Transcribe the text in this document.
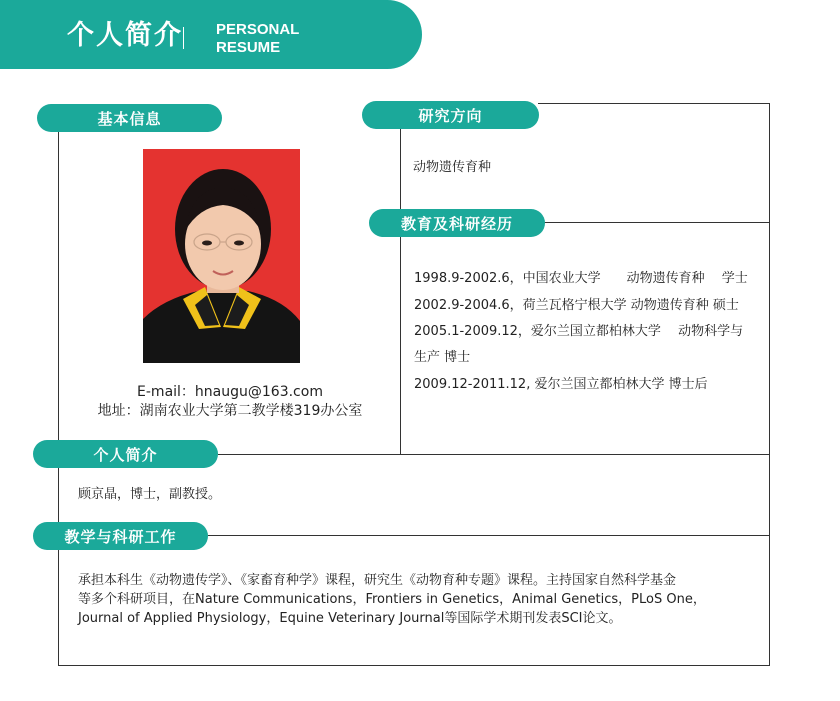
个人简介 PERSONAL
RESUME
基本信息	研究方向
教育及科研经历
个人简介
教学与科研工作
E-mail：hnaugu@163.com
地址：湖南农业大学第二教学楼319办公室
动物遗传育种
1998.9-2002.6，中国农业大学　　动物遗传育种　 学士
2002.9-2004.6，荷兰瓦格宁根大学 动物遗传育种 硕士
2005.1-2009.12，爱尔兰国立都柏林大学　 动物科学与
生产 博士
2009.12-2011.12, 爱尔兰国立都柏林大学 博士后
顾京晶，博士，副教授。
承担本科生《动物遗传学》、《家畜育种学》课程，研究生《动物育种专题》课程。主持国家自然科学基金
等多个科研项目，在Nature Communications，Frontiers in Genetics，Animal Genetics，PLoS One，
Journal of Applied Physiology，Equine Veterinary Journal等国际学术期刊发表SCI论文。
